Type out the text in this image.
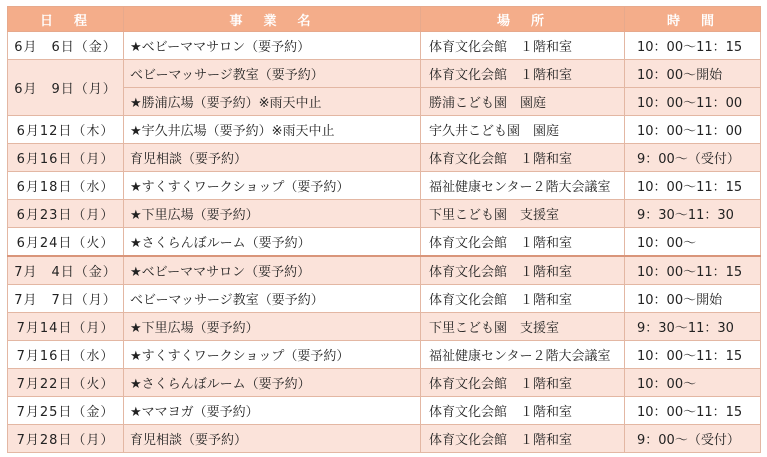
日　程	事　業　名	場　所	時　間
6月　6日（金）	★ベビーママサロン（要予約）	体育文化会館　１階和室	10：00～11：15
6月　9日（月）	ベビーマッサージ教室（要予約）	体育文化会館　１階和室	10：00～開始
	★勝浦広場（要予約）※雨天中止	勝浦こども園　園庭	10：00～11：00
6月12日（木）	★宇久井広場（要予約）※雨天中止	宇久井こども園　園庭	10：00～11：00
6月16日（月）	育児相談（要予約）	体育文化会館　１階和室	9：00～（受付）
6月18日（水）	★すくすくワークショップ（要予約）	福祉健康センター２階大会議室	10：00～11：15
6月23日（月）	★下里広場（要予約）	下里こども園　支援室	9：30～11：30
6月24日（火）	★さくらんぼルーム（要予約）	体育文化会館　１階和室	10：00～
7月　4日（金）	★ベビーママサロン（要予約）	体育文化会館　１階和室	10：00～11：15
7月　7日（月）	ベビーマッサージ教室（要予約）	体育文化会館　１階和室	10：00～開始
7月14日（月）	★下里広場（要予約）	下里こども園　支援室	9：30～11：30
7月16日（水）	★すくすくワークショップ（要予約）	福祉健康センター２階大会議室	10：00～11：15
7月22日（火）	★さくらんぼルーム（要予約）	体育文化会館　１階和室	10：00～
7月25日（金）	★ママヨガ（要予約）	体育文化会館　１階和室	10：00～11：15
7月28日（月）	育児相談（要予約）	体育文化会館　１階和室	9：00～（受付）
